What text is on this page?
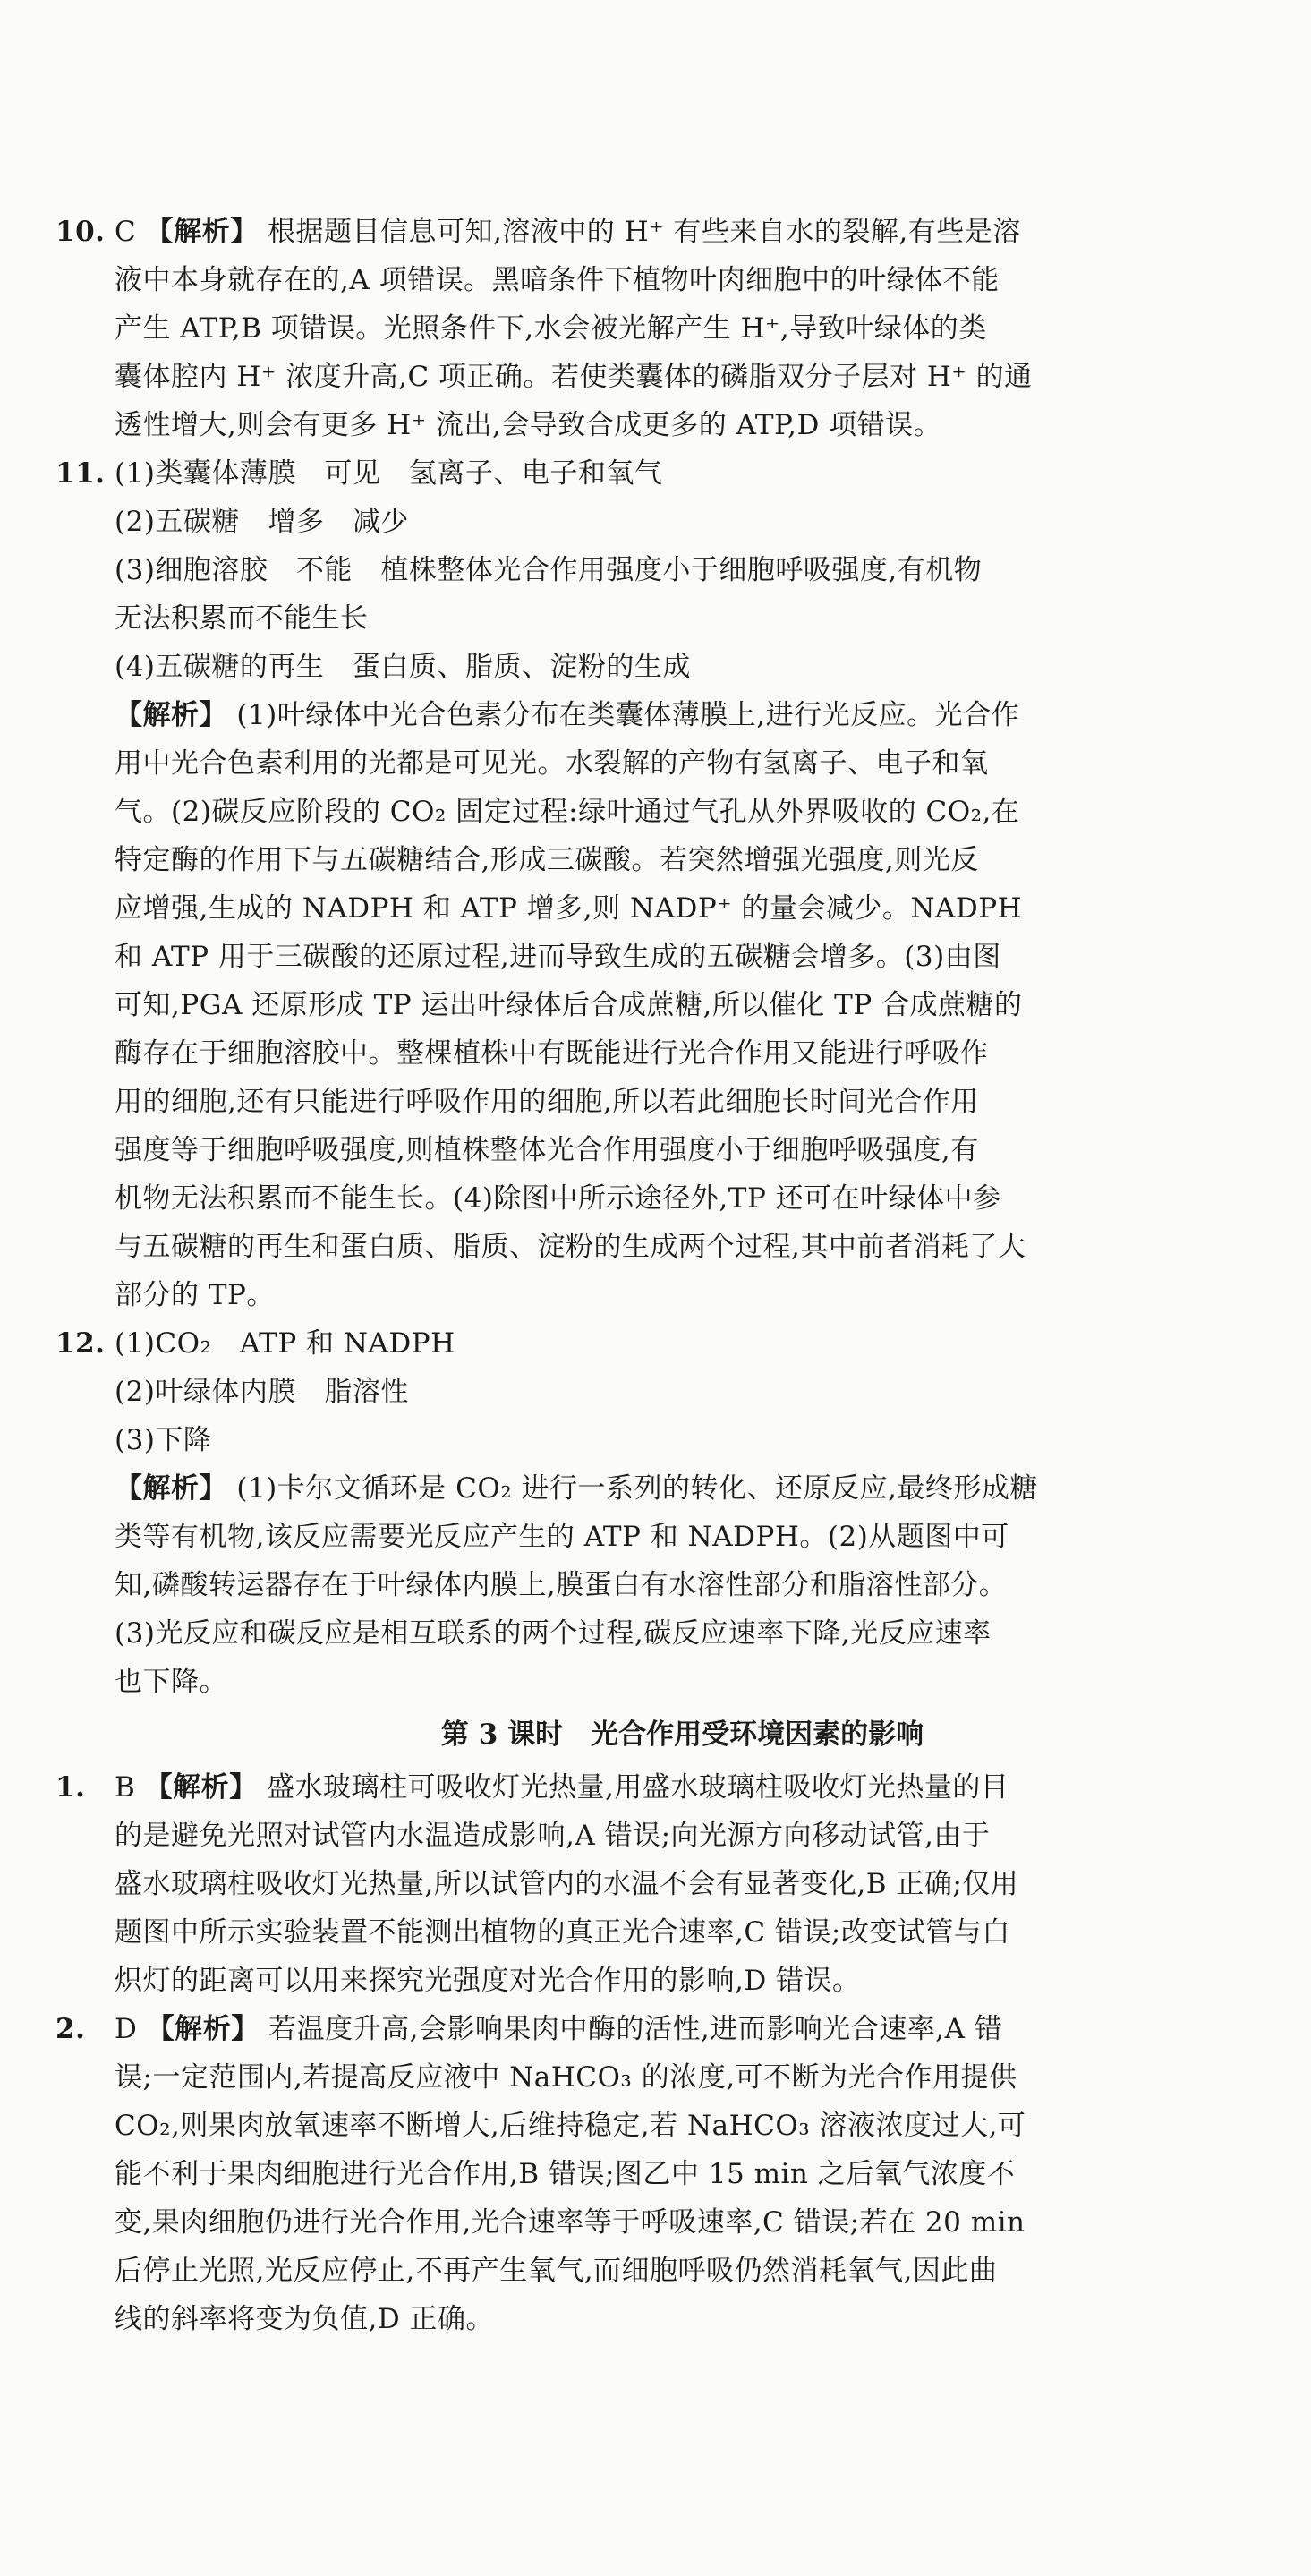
10. C 【解析】 根据题目信息可知,溶液中的 H⁺ 有些来自水的裂解,有些是溶
液中本身就存在的,A 项错误。黑暗条件下植物叶肉细胞中的叶绿体不能
产生 ATP,B 项错误。光照条件下,水会被光解产生 H⁺,导致叶绿体的类
囊体腔内 H⁺ 浓度升高,C 项正确。若使类囊体的磷脂双分子层对 H⁺ 的通
透性增大,则会有更多 H⁺ 流出,会导致合成更多的 ATP,D 项错误。
11. (1)类囊体薄膜　可见　氢离子、电子和氧气
(2)五碳糖　增多　减少
(3)细胞溶胶　不能　植株整体光合作用强度小于细胞呼吸强度,有机物
无法积累而不能生长
(4)五碳糖的再生　蛋白质、脂质、淀粉的生成
【解析】 (1)叶绿体中光合色素分布在类囊体薄膜上,进行光反应。光合作
用中光合色素利用的光都是可见光。水裂解的产物有氢离子、电子和氧
气。(2)碳反应阶段的 CO₂ 固定过程:绿叶通过气孔从外界吸收的 CO₂,在
特定酶的作用下与五碳糖结合,形成三碳酸。若突然增强光强度,则光反
应增强,生成的 NADPH 和 ATP 增多,则 NADP⁺ 的量会减少。NADPH
和 ATP 用于三碳酸的还原过程,进而导致生成的五碳糖会增多。(3)由图
可知,PGA 还原形成 TP 运出叶绿体后合成蔗糖,所以催化 TP 合成蔗糖的
酶存在于细胞溶胶中。整棵植株中有既能进行光合作用又能进行呼吸作
用的细胞,还有只能进行呼吸作用的细胞,所以若此细胞长时间光合作用
强度等于细胞呼吸强度,则植株整体光合作用强度小于细胞呼吸强度,有
机物无法积累而不能生长。(4)除图中所示途径外,TP 还可在叶绿体中参
与五碳糖的再生和蛋白质、脂质、淀粉的生成两个过程,其中前者消耗了大
部分的 TP。
12. (1)CO₂　ATP 和 NADPH
(2)叶绿体内膜　脂溶性
(3)下降
【解析】 (1)卡尔文循环是 CO₂ 进行一系列的转化、还原反应,最终形成糖
类等有机物,该反应需要光反应产生的 ATP 和 NADPH。(2)从题图中可
知,磷酸转运器存在于叶绿体内膜上,膜蛋白有水溶性部分和脂溶性部分。
(3)光反应和碳反应是相互联系的两个过程,碳反应速率下降,光反应速率
也下降。
第 3 课时　光合作用受环境因素的影响
1. B 【解析】 盛水玻璃柱可吸收灯光热量,用盛水玻璃柱吸收灯光热量的目
的是避免光照对试管内水温造成影响,A 错误;向光源方向移动试管,由于
盛水玻璃柱吸收灯光热量,所以试管内的水温不会有显著变化,B 正确;仅用
题图中所示实验装置不能测出植物的真正光合速率,C 错误;改变试管与白
炽灯的距离可以用来探究光强度对光合作用的影响,D 错误。
2. D 【解析】 若温度升高,会影响果肉中酶的活性,进而影响光合速率,A 错
误;一定范围内,若提高反应液中 NaHCO₃ 的浓度,可不断为光合作用提供
CO₂,则果肉放氧速率不断增大,后维持稳定,若 NaHCO₃ 溶液浓度过大,可
能不利于果肉细胞进行光合作用,B 错误;图乙中 15 min 之后氧气浓度不
变,果肉细胞仍进行光合作用,光合速率等于呼吸速率,C 错误;若在 20 min
后停止光照,光反应停止,不再产生氧气,而细胞呼吸仍然消耗氧气,因此曲
线的斜率将变为负值,D 正确。
